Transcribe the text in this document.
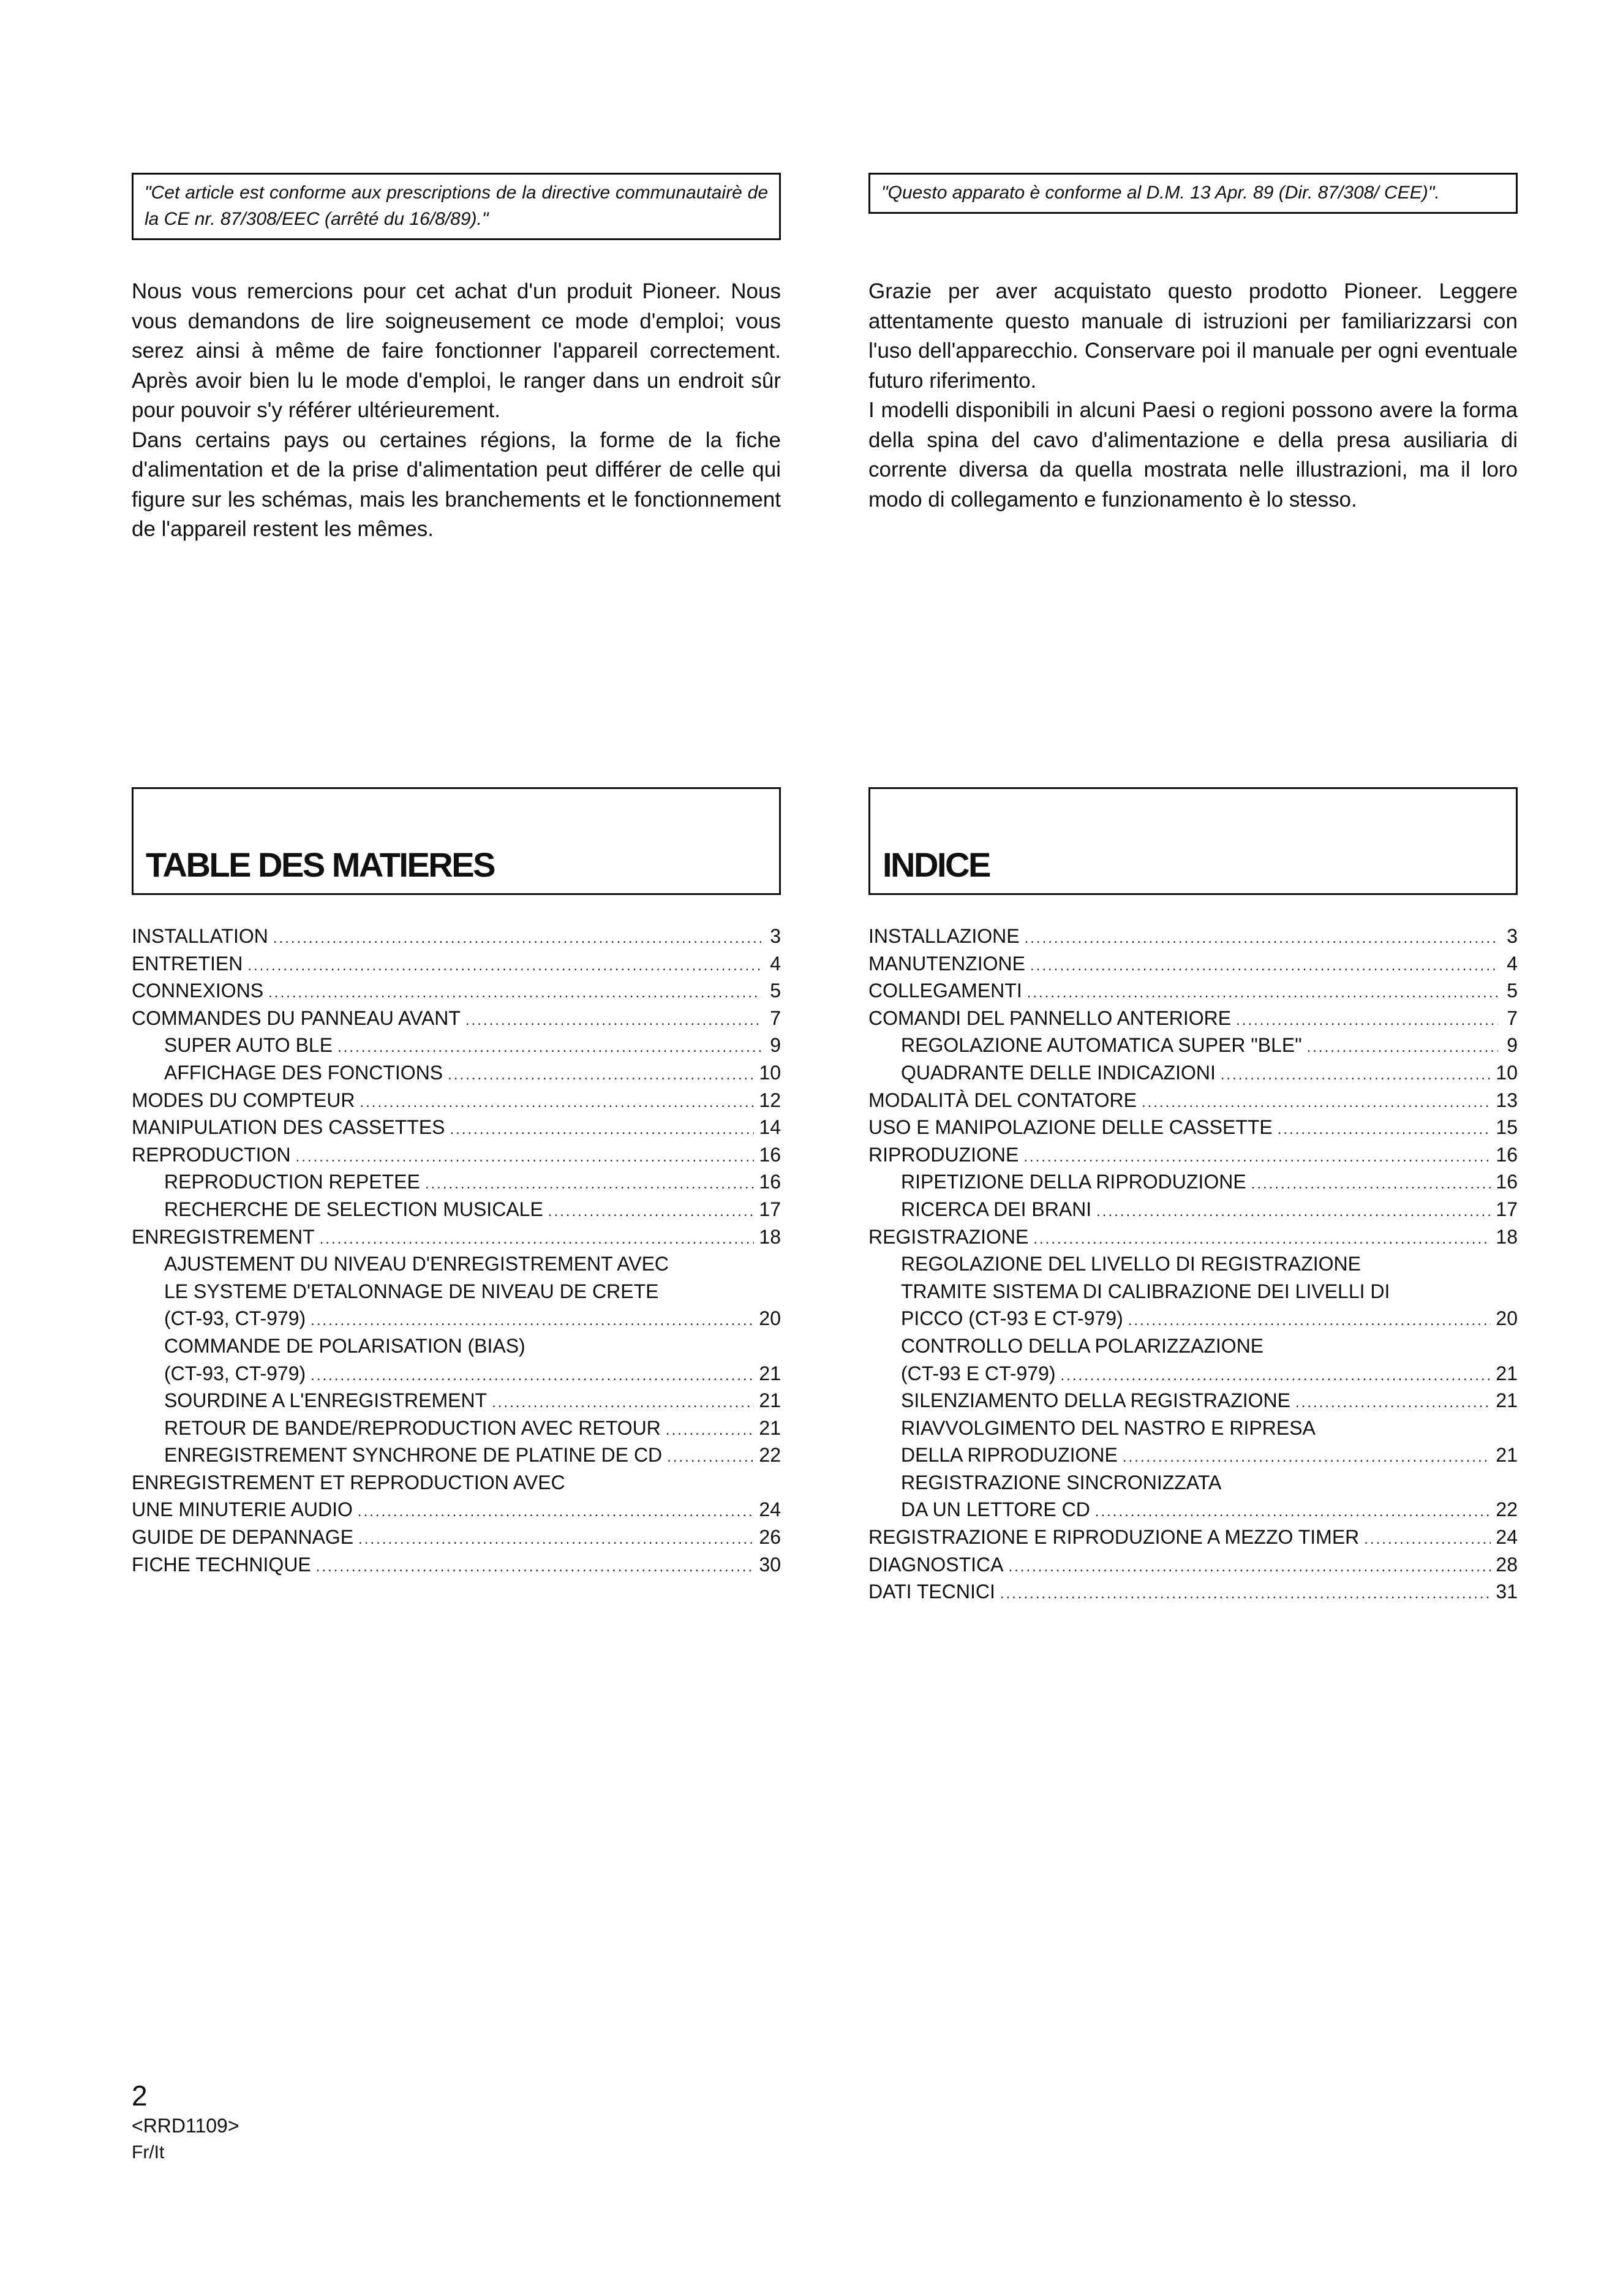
"Cet article est conforme aux prescriptions de la directive communautairè de la CE nr. 87/308/EEC (arrêté du 16/8/89)."

Nous vous remercions pour cet achat d'un produit Pioneer. Nous vous demandons de lire soigneusement ce mode d'emploi; vous serez ainsi à même de faire fonctionner l'appareil correctement. Après avoir bien lu le mode d'emploi, le ranger dans un endroit sûr pour pouvoir s'y référer ultérieurement.

Dans certains pays ou certaines régions, la forme de la fiche d'alimentation et de la prise d'alimentation peut différer de celle qui figure sur les schémas, mais les branchements et le fonctionnement de l'appareil restent les mêmes.

TABLE DES MATIERES
INSTALLATION .....	3
ENTRETIEN .....	4
CONNEXIONS .....	5
COMMANDES DU PANNEAU AVANT .....	7
SUPER AUTO BLE .....	9
AFFICHAGE DES FONCTIONS .....	10
MODES DU COMPTEUR .....	12
MANIPULATION DES CASSETTES .....	14
REPRODUCTION .....	16
REPRODUCTION REPETEE .....	16
RECHERCHE DE SELECTION MUSICALE .....	17
ENREGISTREMENT .....	18
AJUSTEMENT DU NIVEAU D'ENREGISTREMENT AVEC
LE SYSTEME D'ETALONNAGE DE NIVEAU DE CRETE
(CT-93, CT-979) .....	20
COMMANDE DE POLARISATION (BIAS)
(CT-93, CT-979) .....	21
SOURDINE A L'ENREGISTREMENT .....	21
RETOUR DE BANDE/REPRODUCTION AVEC RETOUR .....	21
ENREGISTREMENT SYNCHRONE DE PLATINE DE CD .....	22
ENREGISTREMENT ET REPRODUCTION AVEC
UNE MINUTERIE AUDIO .....	24
GUIDE DE DEPANNAGE .....	26
FICHE TECHNIQUE .....	30
"Questo apparato è conforme al D.M. 13 Apr. 89 (Dir. 87/308/ CEE)".

Grazie per aver acquistato questo prodotto Pioneer. Leggere attentamente questo manuale di istruzioni per familiarizzarsi con l'uso dell'apparecchio. Conservare poi il manuale per ogni eventuale futuro riferimento.

I modelli disponibili in alcuni Paesi o regioni possono avere la forma della spina del cavo d'alimentazione e della presa ausiliaria di corrente diversa da quella mostrata nelle illustrazioni, ma il loro modo di collegamento e funzionamento è lo stesso.

INDICE
INSTALLAZIONE .....	3
MANUTENZIONE .....	4
COLLEGAMENTI .....	5
COMANDI DEL PANNELLO ANTERIORE .....	7
REGOLAZIONE AUTOMATICA SUPER "BLE" .....	9
QUADRANTE DELLE INDICAZIONI .....	10
MODALITÀ DEL CONTATORE .....	13
USO E MANIPOLAZIONE DELLE CASSETTE .....	15
RIPRODUZIONE .....	16
RIPETIZIONE DELLA RIPRODUZIONE .....	16
RICERCA DEI BRANI .....	17
REGISTRAZIONE .....	18
REGOLAZIONE DEL LIVELLO DI REGISTRAZIONE
TRAMITE SISTEMA DI CALIBRAZIONE DEI LIVELLI DI
PICCO (CT-93 E CT-979) .....	20
CONTROLLO DELLA POLARIZZAZIONE
(CT-93 E CT-979) .....	21
SILENZIAMENTO DELLA REGISTRAZIONE .....	21
RIAVVOLGIMENTO DEL NASTRO E RIPRESA
DELLA RIPRODUZIONE .....	21
REGISTRAZIONE SINCRONIZZATA
DA UN LETTORE CD .....	22
REGISTRAZIONE E RIPRODUZIONE A MEZZO TIMER .....	24
DIAGNOSTICA .....	28
DATI TECNICI .....	31
2
<RRD1109>
Fr/It
